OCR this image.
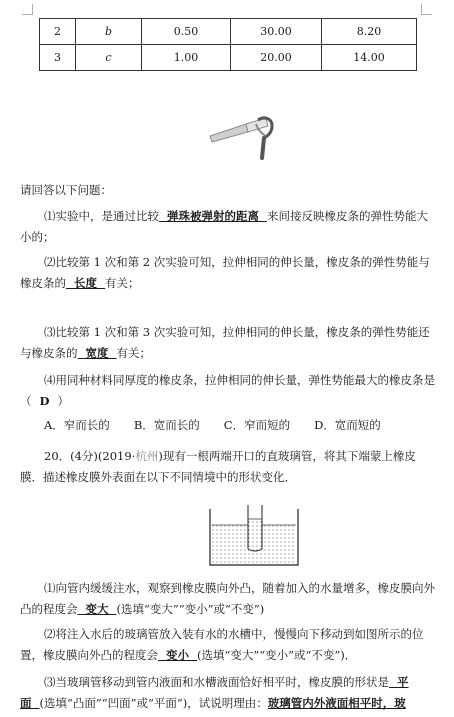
2	b	0.50	30.00	8.20
3	c	1.00	20.00	14.00
请回答以下问题：
⑴实验中，是通过比较 弹珠被弹射的距离 来间接反映橡皮条的弹性势能大小的；
⑵比较第 1 次和第 2 次实验可知，拉伸相同的伸长量，橡皮条的弹性势能与橡皮条的 长度 有关；
⑶比较第 1 次和第 3 次实验可知，拉伸相同的伸长量，橡皮条的弹性势能还与橡皮条的 宽度 有关；
⑷用同种材料同厚度的橡皮条，拉伸相同的伸长量，弹性势能最大的橡皮条是（ D ）
A．窄而长的 B．宽而长的 C．窄而短的 D．宽而短的
20．(4分)(2019·杭州)现有一根两端开口的直玻璃管，将其下端蒙上橡皮膜．描述橡皮膜外表面在以下不同情境中的形状变化．
⑴向管内缓缓注水，观察到橡皮膜向外凸，随着加入的水量增多，橡皮膜向外凸的程度会 变大 (选填“变大”“变小”或“不变”)
⑵将注入水后的玻璃管放入装有水的水槽中，慢慢向下移动到如图所示的位置，橡皮膜向外凸的程度会 变小 (选填“变大”“变小”或“不变”)．
⑶当玻璃管移动到管内液面和水槽液面恰好相平时，橡皮膜的形状是 平面 (选填“凸面”“凹面”或“平面”)，试说明理由：玻璃管内外液面相平时，玻
